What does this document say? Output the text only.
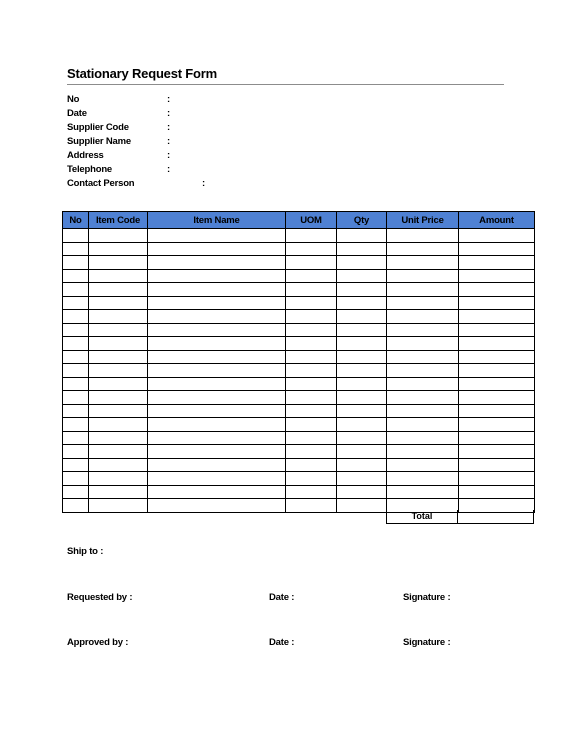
Stationary Request Form
No	:
Date	:
Supplier Code	:
Supplier Name	:
Address	:
Telephone	:
Contact Person	:
No	Item Code	Item Name	UOM	Qty	Unit Price	Amount

Total
Ship to :
Requested by :	Date :	Signature :
Approved by :	Date :	Signature :
